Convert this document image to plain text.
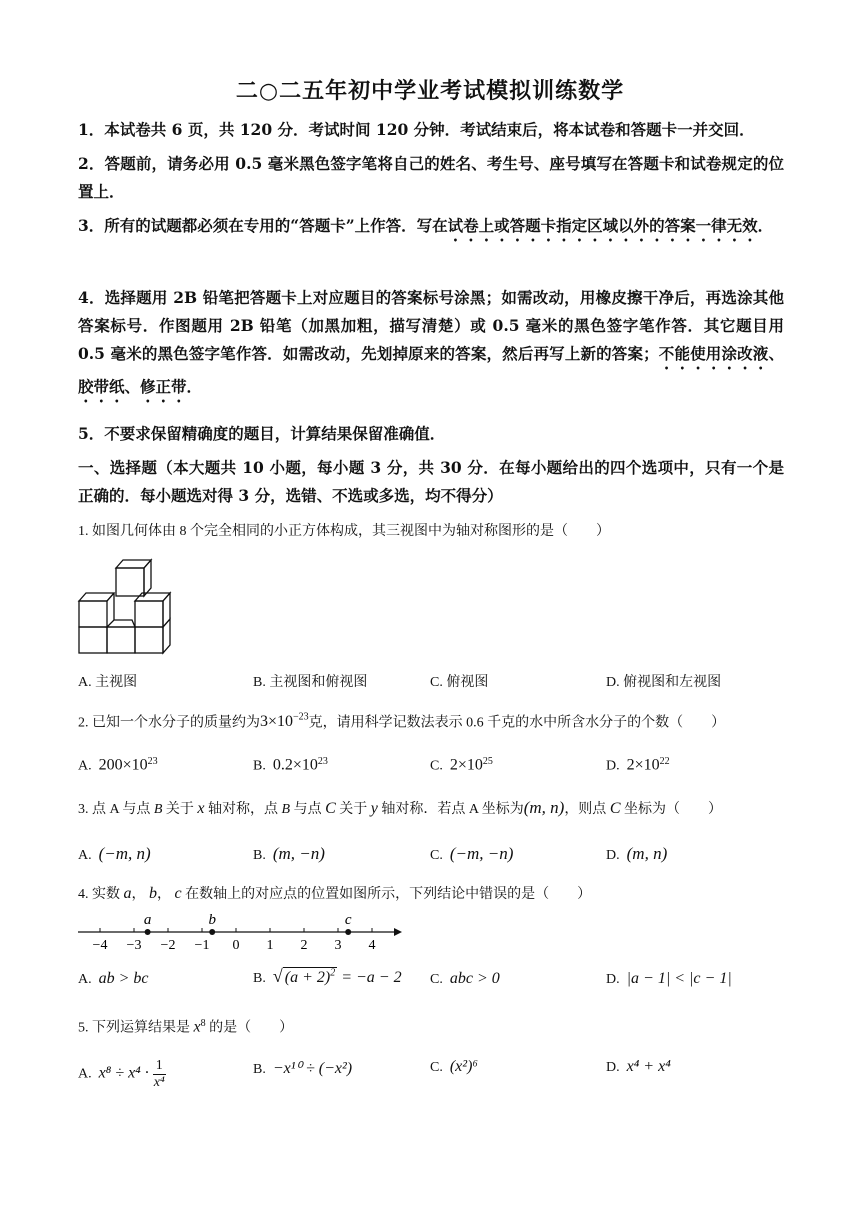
二○二五年初中学业考试模拟训练数学
1．本试卷共 6 页，共 120 分．考试时间 120 分钟．考试结束后，将本试卷和答题卡一并交回．
2．答题前，请务必用 0.5 毫米黑色签字笔将自己的姓名、考生号、座号填写在答题卡和试卷规定的位置上．
3．所有的试题都必须在专用的“答题卡”上作答．写在试卷上或答题卡指定区域以外的答案一律无效．
4．选择题用 2B 铅笔把答题卡上对应题目的答案标号涂黑；如需改动，用橡皮擦干净后，再选涂其他答案标号．作图题用 2B 铅笔（加黑加粗，描写清楚）或 0.5 毫米的黑色签字笔作答．其它题目用 0.5 毫米的黑色签字笔作答．如需改动，先划掉原来的答案，然后再写上新的答案；不能使用涂改液、胶带纸、修正带．
5．不要求保留精确度的题目，计算结果保留准确值．
一、选择题（本大题共 10 小题，每小题 3 分，共 30 分．在每小题给出的四个选项中，只有一个是正确的．每小题选对得 3 分，选错、不选或多选，均不得分）
1. 如图几何体由 8 个完全相同的小正方体构成，其三视图中为轴对称图形的是（　　）
A. 主视图	B. 主视图和俯视图	C. 俯视图	D. 俯视图和左视图
2. 已知一个水分子的质量约为$3\times 10^{-23}$克，请用科学记数法表示 0.6 千克的水中所含水分子的个数（　　）
A. $200\times 10^{23}$	B. $0.2\times 10^{23}$	C. $2\times 10^{25}$	D. $2\times 10^{22}$
3. 点 A 与点 B 关于 x 轴对称，点 B 与点 C 关于 y 轴对称．若点 A 坐标为(m, n)，则点 C 坐标为（　　）
A. (−m, n)	B. (m, −n)	C. (−m, −n)	D. (m, n)
4. 实数 a， b， c 在数轴上的对应点的位置如图所示，下列结论中错误的是（　　）
−4 −3 −2 −1 0 1 2 3 4
a	b	c
A. ab > bc	B. √ $(a + 2)^2 = -a - 2$ C. abc > 0	D. |a − 1| < |c − 1|
5. 下列运算结果是 $x^8$ 的是（　　）
A. $x^8 \div x^4 \cdot \frac{1}{\text{x⁴}}$	B. −x¹⁰ ÷ (−x²)	C. (x²)⁶	D. x⁴ + x⁴
